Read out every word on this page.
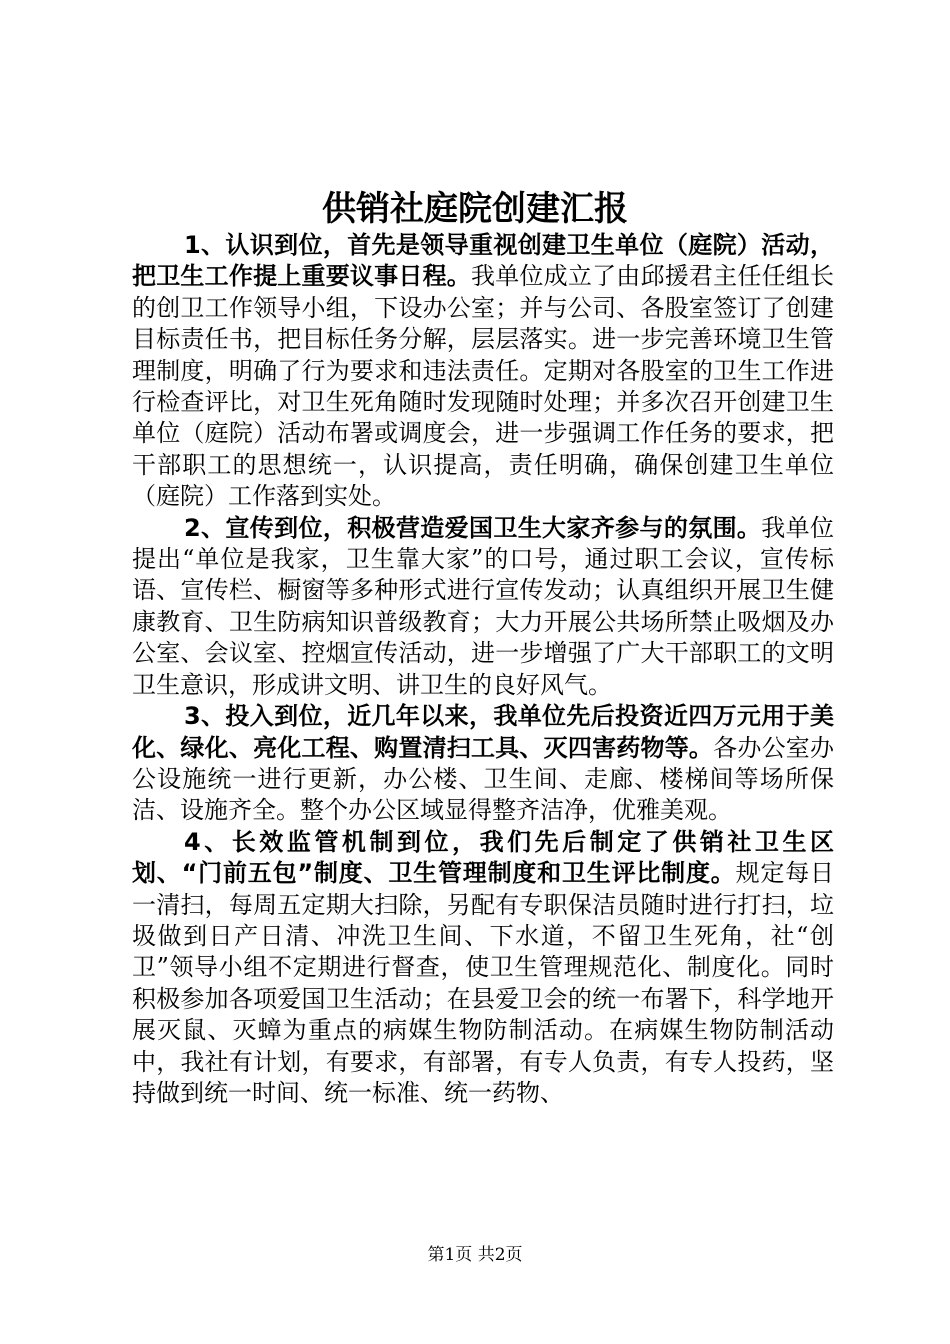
供销社庭院创建汇报

1、认识到位，首先是领导重视创建卫生单位（庭院）活动，把卫生工作提上重要议事日程。我单位成立了由邱援君主任任组长的创卫工作领导小组，下设办公室；并与公司、各股室签订了创建目标责任书，把目标任务分解，层层落实。进一步完善环境卫生管理制度，明确了行为要求和违法责任。定期对各股室的卫生工作进行检查评比，对卫生死角随时发现随时处理；并多次召开创建卫生单位（庭院）活动布署或调度会，进一步强调工作任务的要求，把干部职工的思想统一，认识提高，责任明确，确保创建卫生单位（庭院）工作落到实处。

2、宣传到位，积极营造爱国卫生大家齐参与的氛围。我单位提出“单位是我家，卫生靠大家”的口号，通过职工会议，宣传标语、宣传栏、橱窗等多种形式进行宣传发动；认真组织开展卫生健康教育、卫生防病知识普级教育；大力开展公共场所禁止吸烟及办公室、会议室、控烟宣传活动，进一步增强了广大干部职工的文明卫生意识，形成讲文明、讲卫生的良好风气。

3、投入到位，近几年以来，我单位先后投资近四万元用于美化、绿化、亮化工程、购置清扫工具、灭四害药物等。各办公室办公设施统一进行更新，办公楼、卫生间、走廊、楼梯间等场所保洁、设施齐全。整个办公区域显得整齐洁净，优雅美观。

4、长效监管机制到位，我们先后制定了供销社卫生区划、“门前五包”制度、卫生管理制度和卫生评比制度。规定每日一清扫，每周五定期大扫除，另配有专职保洁员随时进行打扫，垃圾做到日产日清、冲洗卫生间、下水道，不留卫生死角，社“创卫”领导小组不定期进行督查，使卫生管理规范化、制度化。同时积极参加各项爱国卫生活动；在县爱卫会的统一布署下，科学地开展灭鼠、灭蟑为重点的病媒生物防制活动。在病媒生物防制活动中，我社有计划，有要求，有部署，有专人负责，有专人投药，坚持做到统一时间、统一标准、统一药物、

第1页 共2页
